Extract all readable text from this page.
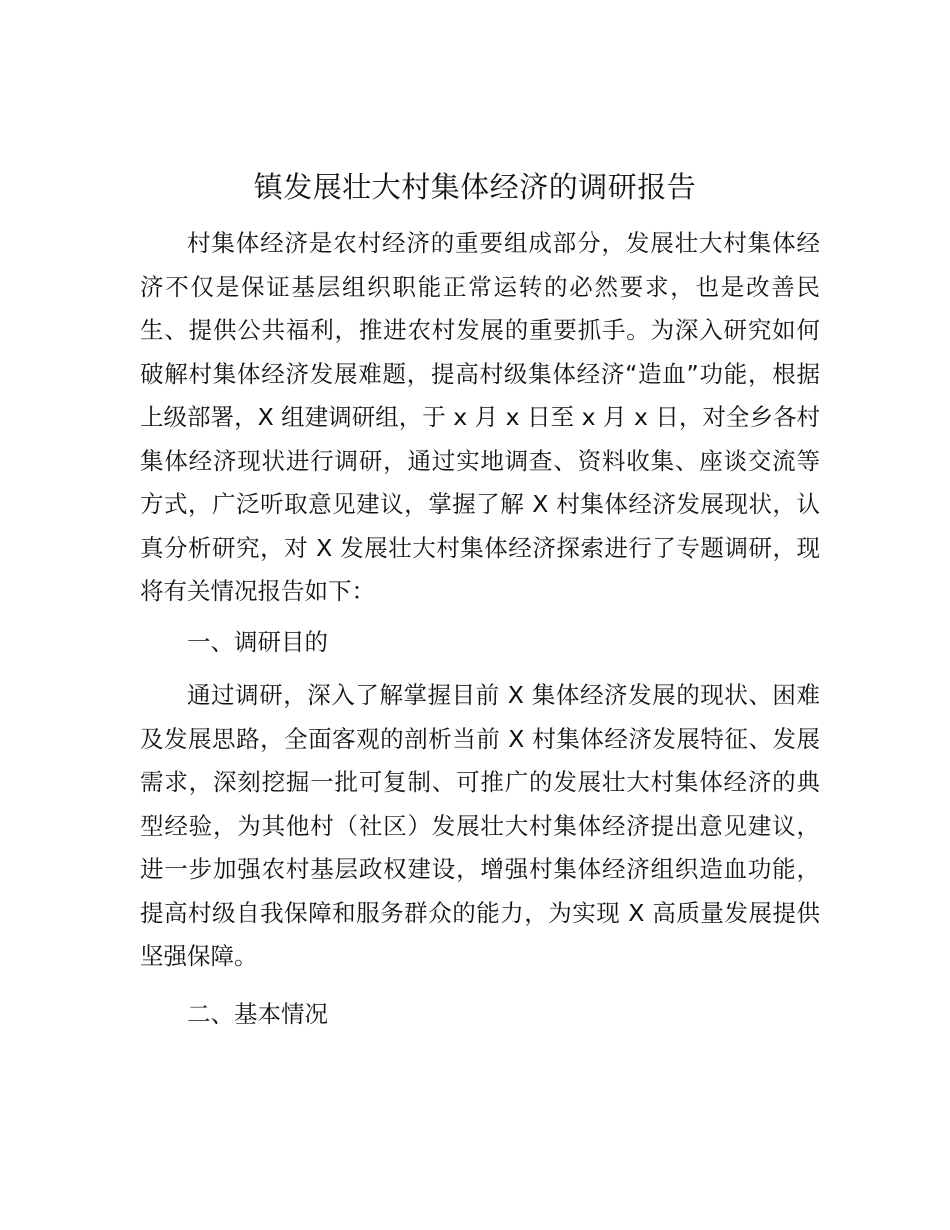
镇发展壮大村集体经济的调研报告

村集体经济是农村经济的重要组成部分，发展壮大村集体经济不仅是保证基层组织职能正常运转的必然要求，也是改善民生、提供公共福利，推进农村发展的重要抓手。为深入研究如何破解村集体经济发展难题，提高村级集体经济“造血”功能，根据上级部署，X 组建调研组，于 x 月 x 日至 x 月 x 日，对全乡各村集体经济现状进行调研，通过实地调查、资料收集、座谈交流等方式，广泛听取意见建议，掌握了解 X 村集体经济发展现状，认真分析研究，对 X 发展壮大村集体经济探索进行了专题调研，现将有关情况报告如下：

一、调研目的

通过调研，深入了解掌握目前 X 集体经济发展的现状、困难及发展思路，全面客观的剖析当前 X 村集体经济发展特征、发展需求，深刻挖掘一批可复制、可推广的发展壮大村集体经济的典型经验，为其他村（社区）发展壮大村集体经济提出意见建议，进一步加强农村基层政权建设，增强村集体经济组织造血功能，提高村级自我保障和服务群众的能力，为实现 X 高质量发展提供坚强保障。

二、基本情况
